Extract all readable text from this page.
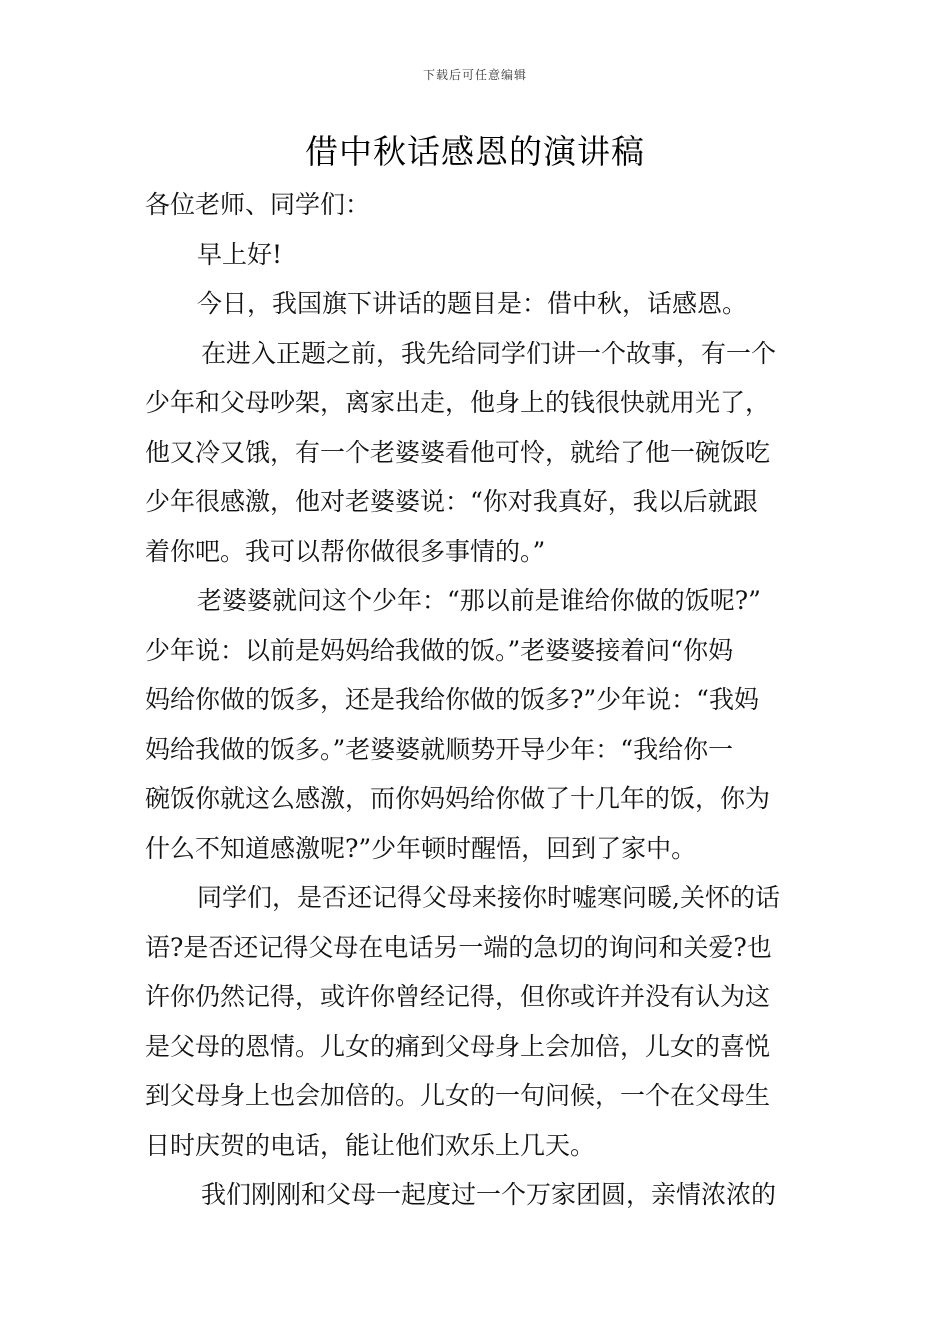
下载后可任意编辑
借中秋话感恩的演讲稿
各位老师、同学们：
早上好!
今日，我国旗下讲话的题目是：借中秋，话感恩。
在进入正题之前，我先给同学们讲一个故事，有一个
少年和父母吵架，离家出走，他身上的钱很快就用光了，
他又冷又饿，有一个老婆婆看他可怜，就给了他一碗饭吃
少年很感激，他对老婆婆说：“你对我真好，我以后就跟
着你吧。我可以帮你做很多事情的。”
老婆婆就问这个少年：“那以前是谁给你做的饭呢?”
少年说：以前是妈妈给我做的饭。”老婆婆接着问“你妈
妈给你做的饭多，还是我给你做的饭多?”少年说：“我妈
妈给我做的饭多。”老婆婆就顺势开导少年：“我给你一
碗饭你就这么感激，而你妈妈给你做了十几年的饭，你为
什么不知道感激呢?”少年顿时醒悟，回到了家中。
同学们，是否还记得父母来接你时嘘寒问暖,关怀的话
语?是否还记得父母在电话另一端的急切的询问和关爱?也
许你仍然记得，或许你曾经记得，但你或许并没有认为这
是父母的恩情。儿女的痛到父母身上会加倍，儿女的喜悦
到父母身上也会加倍的。儿女的一句问候，一个在父母生
日时庆贺的电话，能让他们欢乐上几天。
我们刚刚和父母一起度过一个万家团圆，亲情浓浓的
